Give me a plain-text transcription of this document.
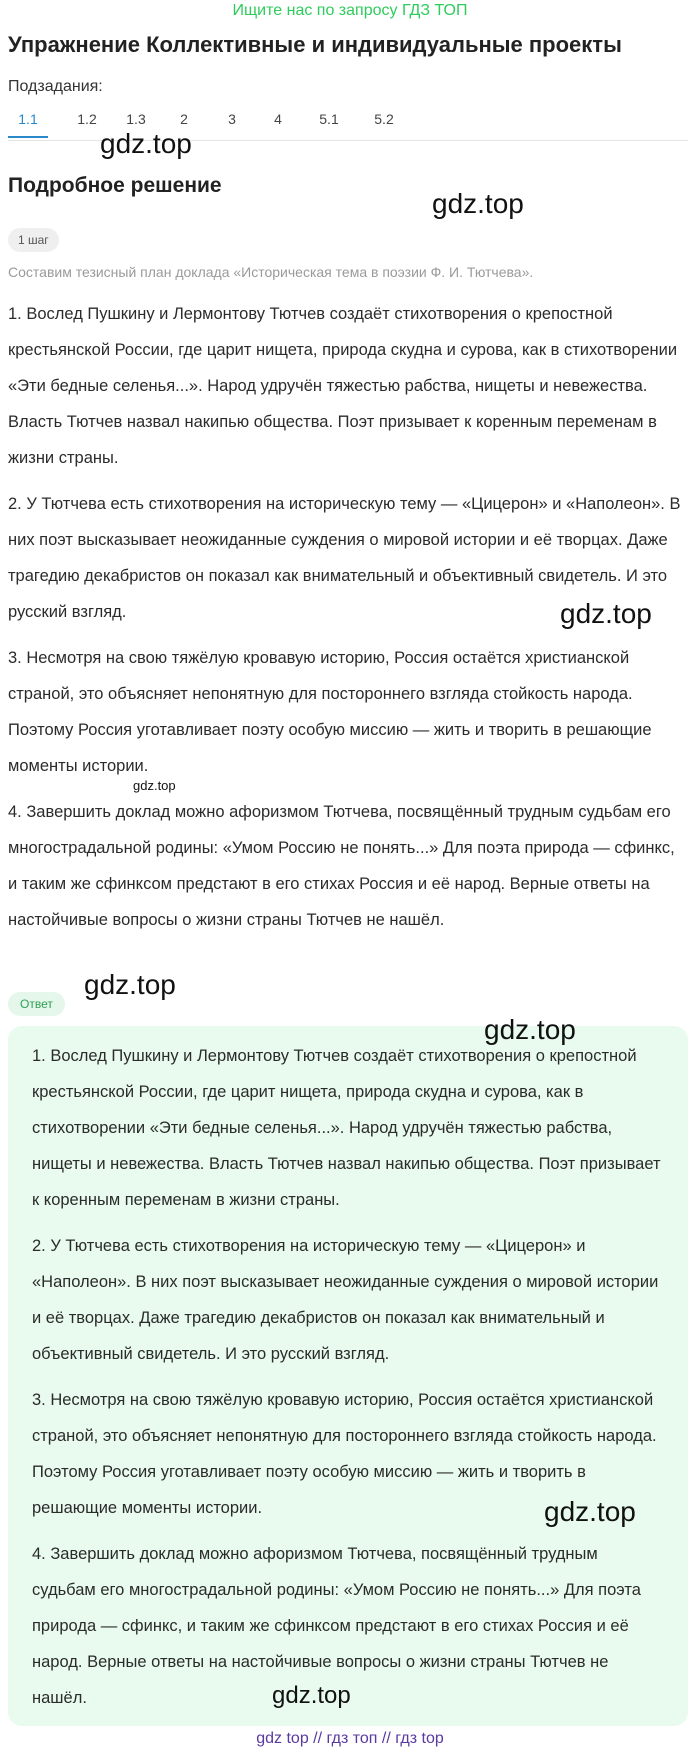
Ищите нас по запросу ГДЗ ТОП
Упражнение Коллективные и индивидуальные проекты
Подзадания:
1.1	1.2	1.3	2	3	4	5.1	5.2
Подробное решение
1 шаг
Составим тезисный план доклада «Историческая тема в поэзии Ф. И. Тютчева».

1. Вослед Пушкину и Лермонтову Тютчев создаёт стихотворения о крепостной крестьянской России, где царит нищета, природа скудна и сурова, как в стихотворении «Эти бедные селенья...». Народ удручён тяжестью рабства, нищеты и невежества. Власть Тютчев назвал накипью общества. Поэт призывает к коренным переменам в жизни страны.

2. У Тютчева есть стихотворения на историческую тему — «Цицерон» и «Наполеон». В них поэт высказывает неожиданные суждения о мировой истории и её творцах. Даже трагедию декабристов он показал как внимательный и объективный свидетель. И это русский взгляд.

3. Несмотря на свою тяжёлую кровавую историю, Россия остаётся христианской страной, это объясняет непонятную для постороннего взгляда стойкость народа. Поэтому Россия уготавливает поэту особую миссию — жить и творить в решающие моменты истории.

4. Завершить доклад можно афоризмом Тютчева, посвящённый трудным судьбам его многострадальной родины: «Умом Россию не понять...» Для поэта природа — сфинкс, и таким же сфинксом предстают в его стихах Россия и её народ. Верные ответы на настойчивые вопросы о жизни страны Тютчев не нашёл.

Ответ

1. Вослед Пушкину и Лермонтову Тютчев создаёт стихотворения о крепостной крестьянской России, где царит нищета, природа скудна и сурова, как в стихотворении «Эти бедные селенья...». Народ удручён тяжестью рабства, нищеты и невежества. Власть Тютчев назвал накипью общества. Поэт призывает к коренным переменам в жизни страны.

2. У Тютчева есть стихотворения на историческую тему — «Цицерон» и «Наполеон». В них поэт высказывает неожиданные суждения о мировой истории и её творцах. Даже трагедию декабристов он показал как внимательный и объективный свидетель. И это русский взгляд.

3. Несмотря на свою тяжёлую кровавую историю, Россия остаётся христианской страной, это объясняет непонятную для постороннего взгляда стойкость народа. Поэтому Россия уготавливает поэту особую миссию — жить и творить в решающие моменты истории.

4. Завершить доклад можно афоризмом Тютчева, посвящённый трудным судьбам его многострадальной родины: «Умом Россию не понять...» Для поэта природа — сфинкс, и таким же сфинксом предстают в его стихах Россия и её народ. Верные ответы на настойчивые вопросы о жизни страны Тютчев не нашёл.

gdz.top
gdz.top
gdz.top
gdz.top
gdz.top
gdz.top
gdz.top
gdz.top
gdz top // гдз топ // гдз top
